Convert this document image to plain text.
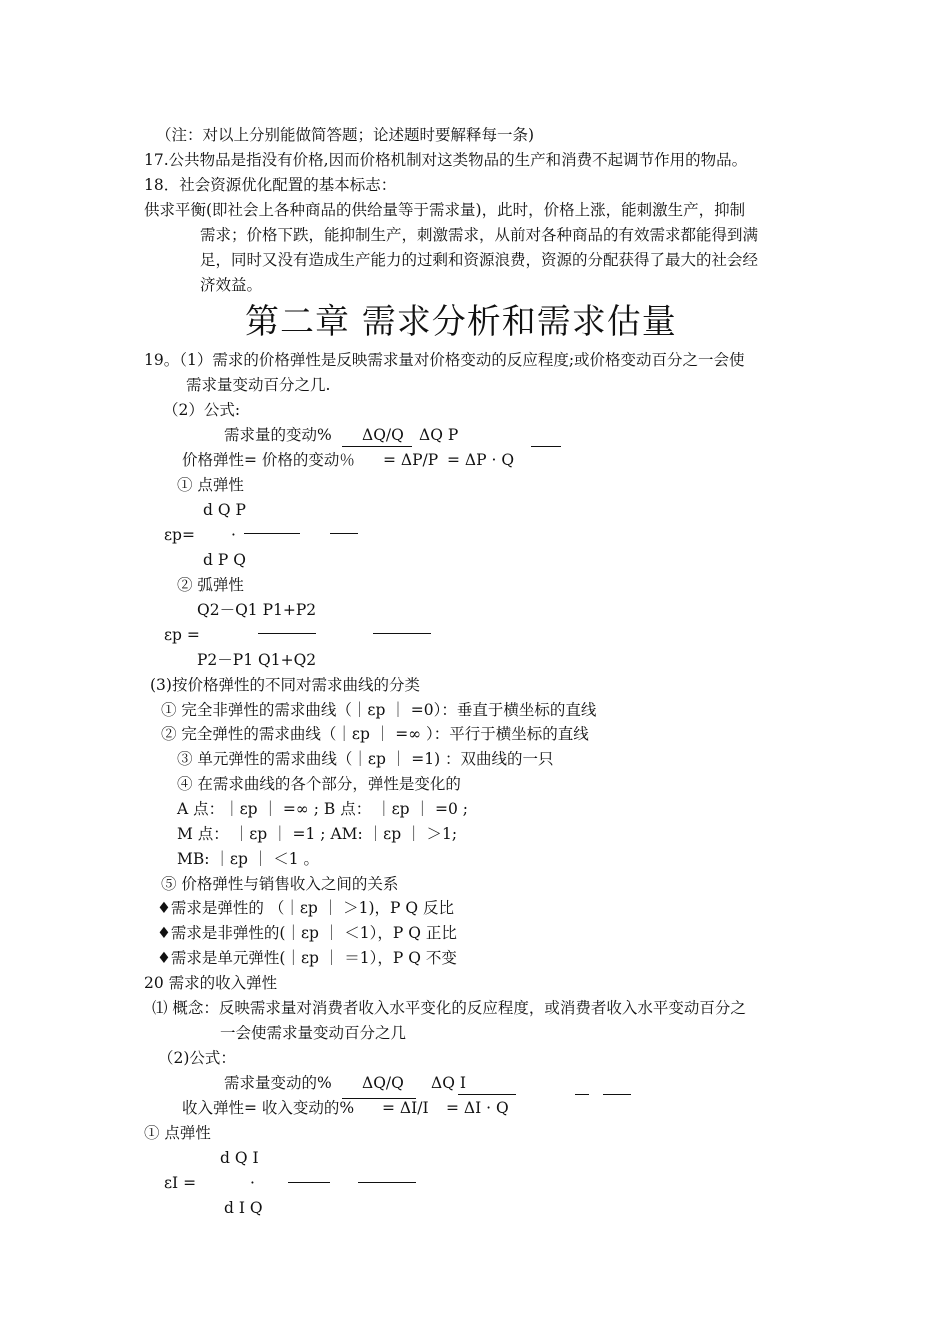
（注：对以上分别能做简答题；论述题时要解释每一条)
17.公共物品是指没有价格,因而价格机制对这类物品的生产和消费不起调节作用的物品。
18．社会资源优化配置的基本标志：
供求平衡(即社会上各种商品的供给量等于需求量)，此时，价格上涨，能刺激生产，抑制
需求；价格下跌，能抑制生产，刺激需求，从前对各种商品的有效需求都能得到满
足，同时又没有造成生产能力的过剩和资源浪费，资源的分配获得了最大的社会经
济效益。
第二章 需求分析和需求估量
19。（1）需求的价格弹性是反映需求量对价格变动的反应程度;或价格变动百分之一会使
需求量变动百分之几.
（2）公式:
需求量的变动% ΔQ/Q ΔQ P
价格弹性= 价格的变动％ = ΔP/P = ΔP · Q
① 点弹性
d Q P
εp= ·
d P Q
② 弧弹性
Q2－Q1 P1+P2
εp =
P2－P1 Q1+Q2
(3)按价格弹性的不同对需求曲线的分类
① 完全非弹性的需求曲线（｜εp ｜ =0）：垂直于横坐标的直线
② 完全弹性的需求曲线（｜εp ｜ =∞ ）：平行于横坐标的直线
③ 单元弹性的需求曲线（｜εp ｜ =1) ：双曲线的一只
④ 在需求曲线的各个部分，弹性是变化的
A 点：｜εp ｜ =∞ ; B 点： ｜εp ｜ =0 ;
M 点： ｜εp ｜ =1 ; AM: ｜εp ｜ ＞1;
MB: ｜εp ｜ ＜1 。
⑤ 价格弹性与销售收入之间的关系
♦需求是弹性的 （｜εp ｜ ＞1)，P Q 反比
♦需求是非弹性的(｜εp ｜ ＜1），P Q 正比
♦需求是单元弹性(｜εp ｜ ＝1），P Q 不变
20 需求的收入弹性
⑴ 概念：反映需求量对消费者收入水平变化的反应程度，或消费者收入水平变动百分之
一会使需求量变动百分之几
（2)公式：
需求量变动的% ΔQ/Q ΔQ I
收入弹性= 收入变动的% = ΔI/I = ΔI · Q
① 点弹性
d Q I
εI =	·
d I Q
